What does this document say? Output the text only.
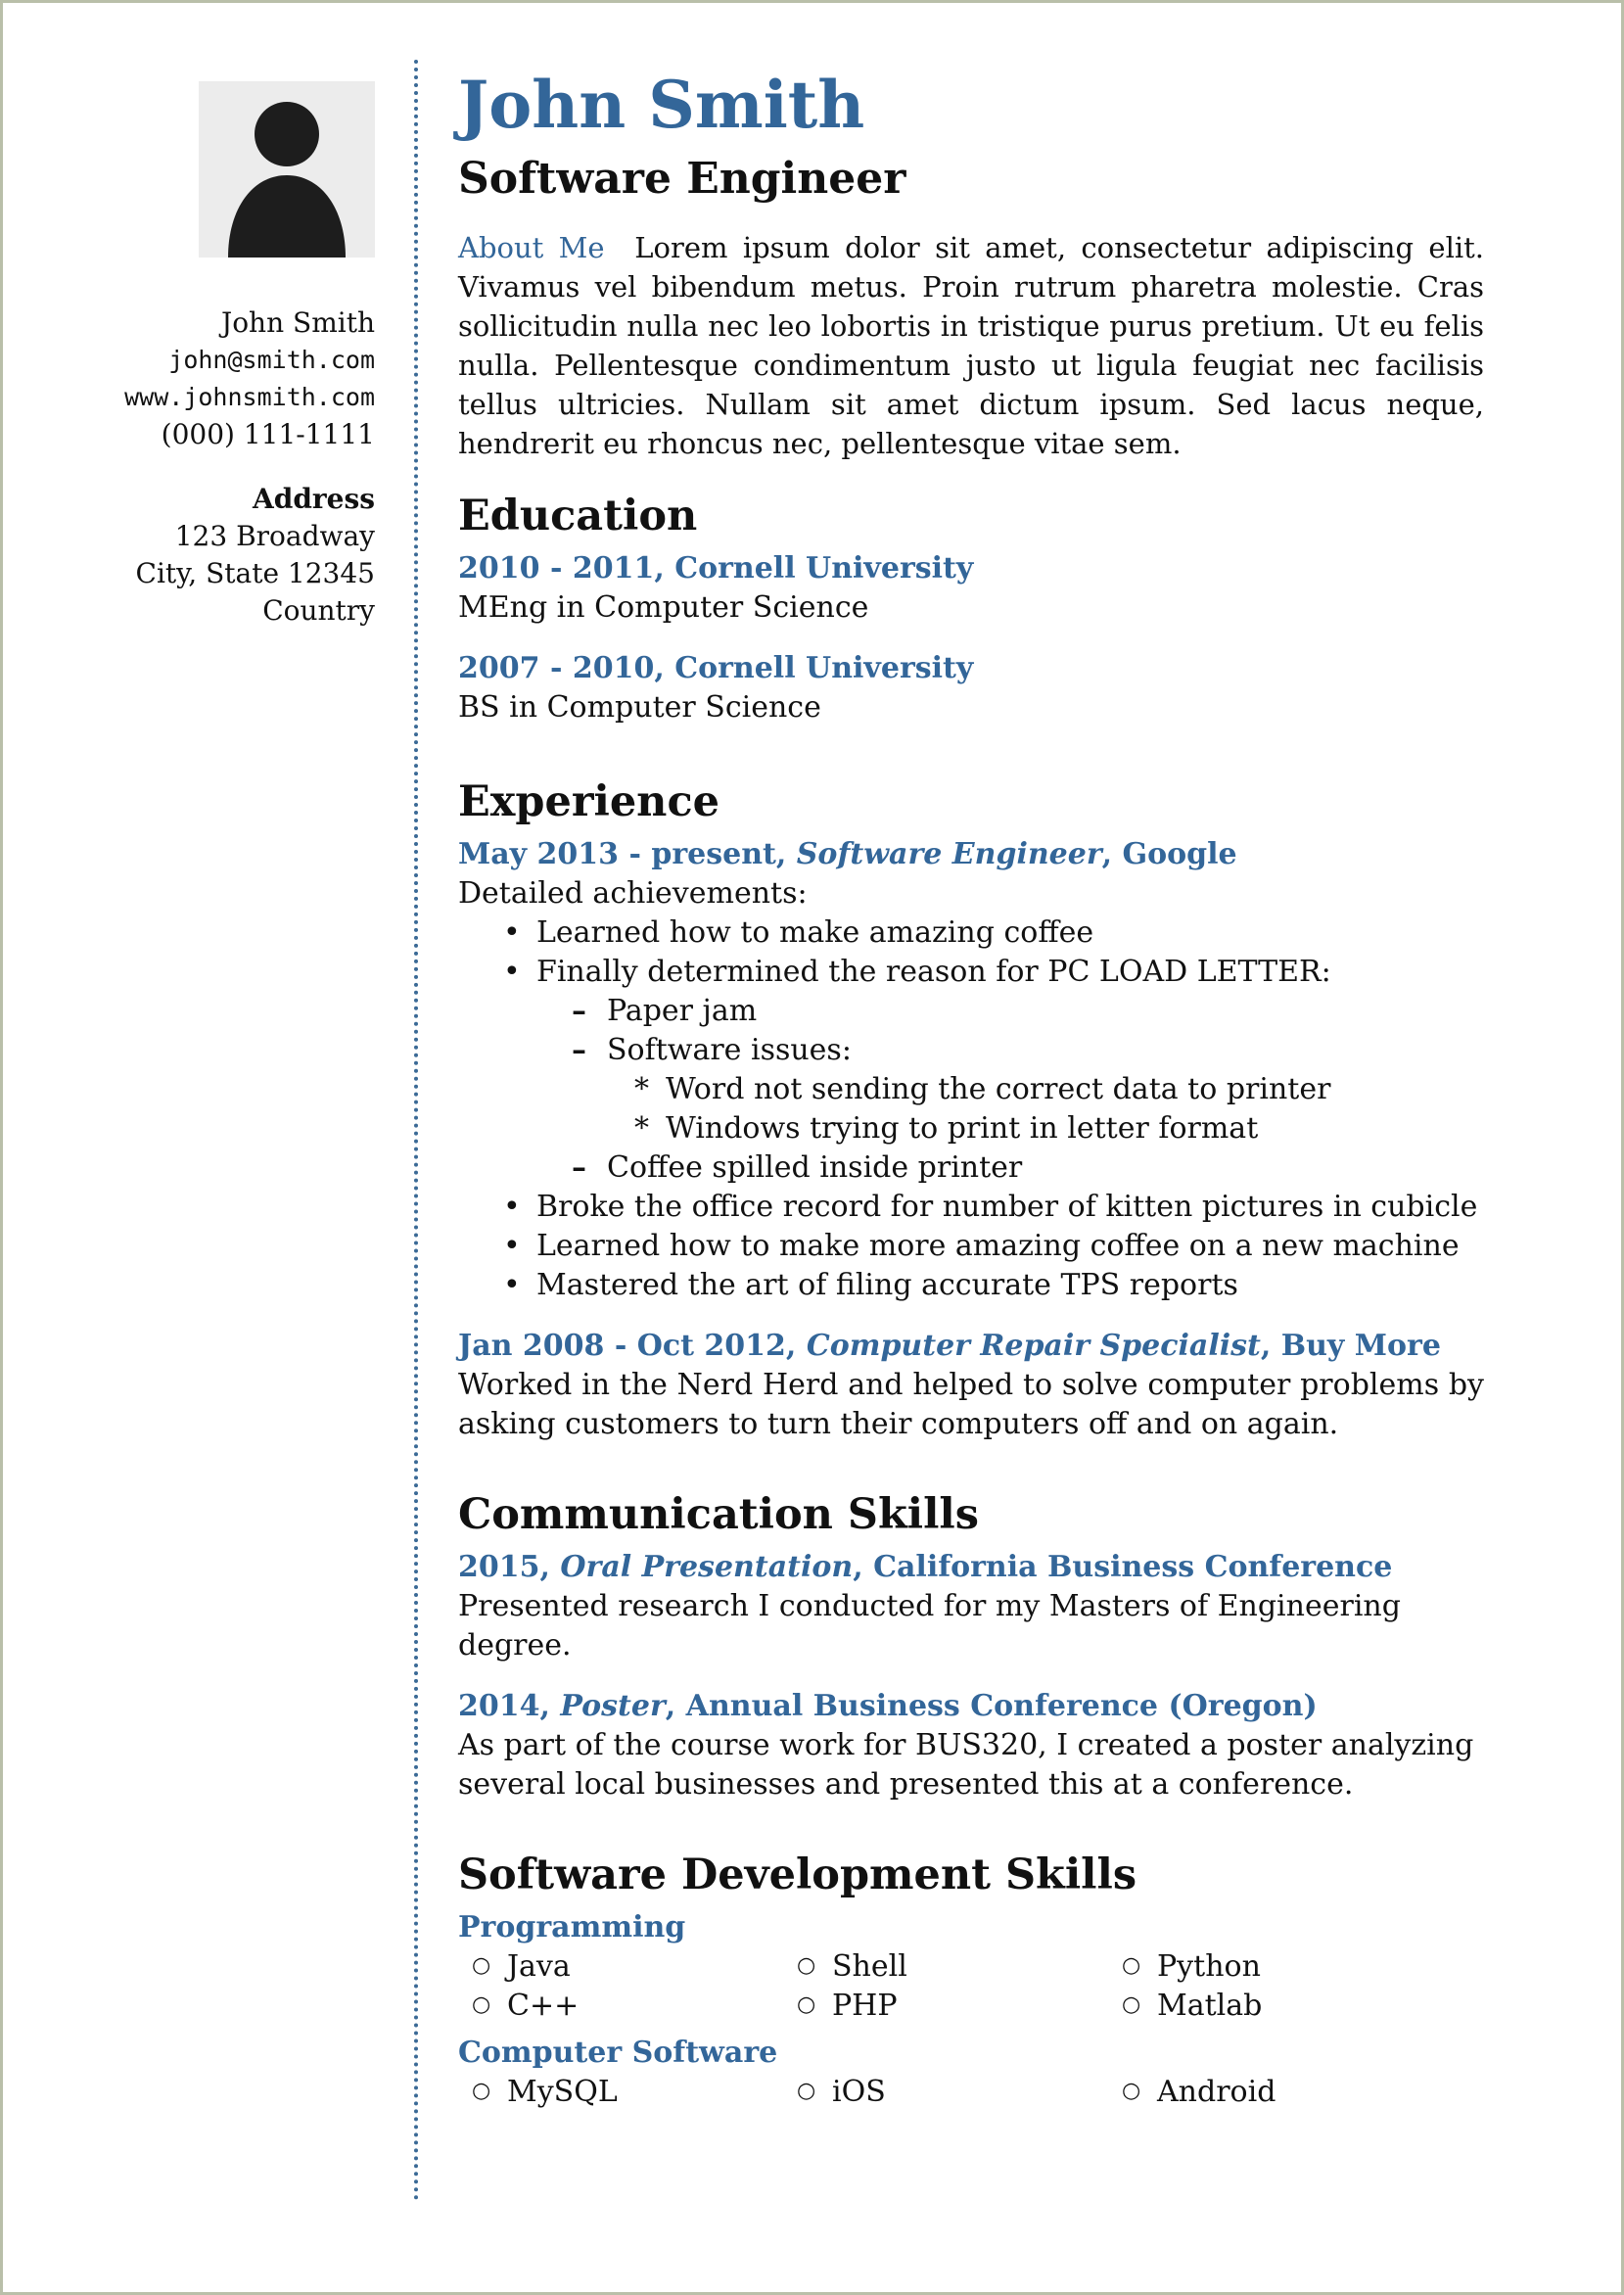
John Smith
john@smith.com
www.johnsmith.com
(000) 111-1111
Address
123 Broadway
City, State 12345
Country
John Smith
Software Engineer

About Me Lorem ipsum dolor sit amet, consectetur adipiscing elit. Vivamus vel bibendum metus. Proin rutrum pharetra molestie. Cras sollicitudin nulla nec leo lobortis in tristique purus pretium. Ut eu felis nulla. Pellentesque condimentum justo ut ligula feugiat nec facilisis tellus ultricies. Nullam sit amet dictum ipsum. Sed lacus neque, hendrerit eu rhoncus nec, pellentesque vitae sem.

Education
2010 - 2011, Cornell University
MEng in Computer Science
2007 - 2010, Cornell University
BS in Computer Science
Experience
May 2013 - present, Software Engineer, Google
Detailed achievements:
• Learned how to make amazing coffee
• Finally determined the reason for PC LOAD LETTER:
– Paper jam
– Software issues:
* Word not sending the correct data to printer
* Windows trying to print in letter format
– Coffee spilled inside printer
• Broke the office record for number of kitten pictures in cubicle
• Learned how to make more amazing coffee on a new machine
• Mastered the art of filing accurate TPS reports
Jan 2008 - Oct 2012, Computer Repair Specialist, Buy More

Worked in the Nerd Herd and helped to solve computer problems by asking customers to turn their computers off and on again.

Communication Skills
2015, Oral Presentation, California Business Conference
Presented research I conducted for my Masters of Engineering degree.
2014, Poster, Annual Business Conference (Oregon)

As part of the course work for BUS320, I created a poster analyzing several local businesses and presented this at a conference.

Software Development Skills
Programming
○ Java	○ Shell	○ Python
○ C++	○ PHP	○ Matlab
Computer Software
○ MySQL	○ iOS	○ Android
